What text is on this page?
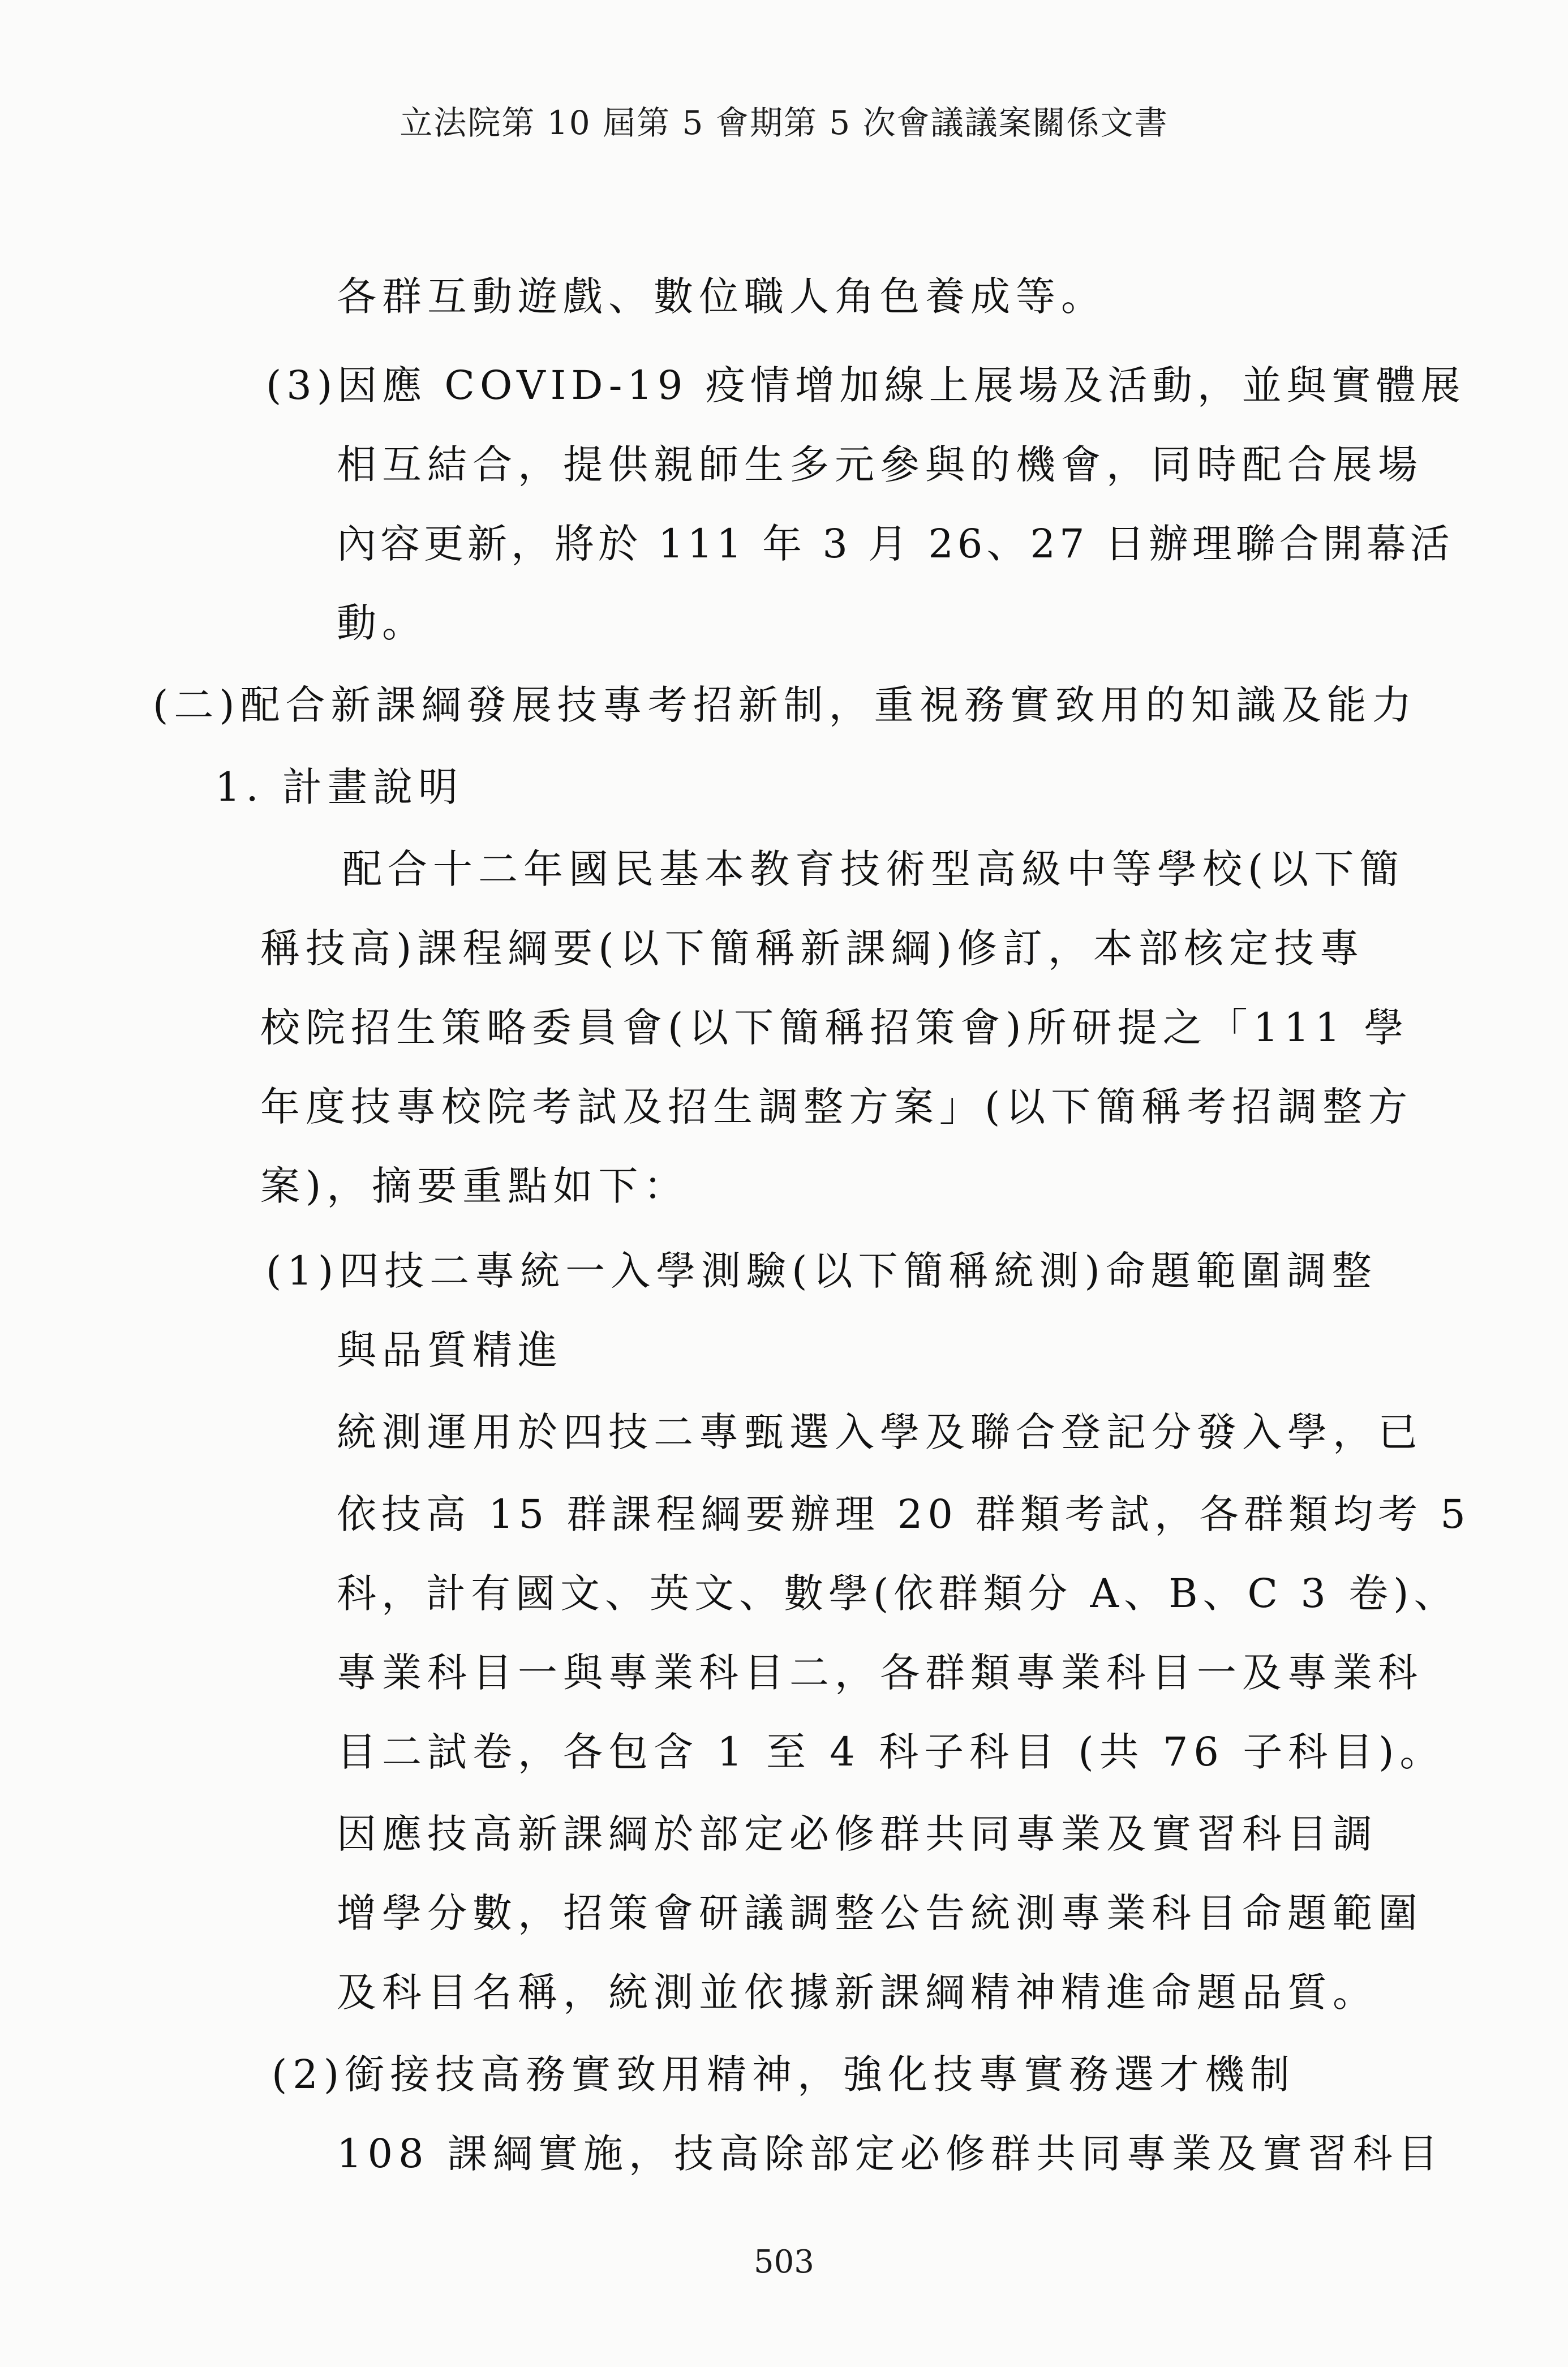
立法院第 10 屆第 5 會期第 5 次會議議案關係文書
各群互動遊戲、數位職人角色養成等。
(3)因應 COVID-19 疫情增加線上展場及活動，並與實體展
相互結合，提供親師生多元參與的機會，同時配合展場
內容更新，將於 111 年 3 月 26、27 日辦理聯合開幕活
動。
(二)配合新課綱發展技專考招新制，重視務實致用的知識及能力
1. 計畫說明
配合十二年國民基本教育技術型高級中等學校(以下簡
稱技高)課程綱要(以下簡稱新課綱)修訂，本部核定技專
校院招生策略委員會(以下簡稱招策會)所研提之「111 學
年度技專校院考試及招生調整方案」(以下簡稱考招調整方
案)，摘要重點如下：
(1)四技二專統一入學測驗(以下簡稱統測)命題範圍調整
與品質精進
統測運用於四技二專甄選入學及聯合登記分發入學，已
依技高 15 群課程綱要辦理 20 群類考試，各群類均考 5
科，計有國文、英文、數學(依群類分 A、B、C 3 卷)、
專業科目一與專業科目二，各群類專業科目一及專業科
目二試卷，各包含 1 至 4 科子科目 (共 76 子科目)。
因應技高新課綱於部定必修群共同專業及實習科目調
增學分數，招策會研議調整公告統測專業科目命題範圍
及科目名稱，統測並依據新課綱精神精進命題品質。
(2)銜接技高務實致用精神，強化技專實務選才機制
108 課綱實施，技高除部定必修群共同專業及實習科目
503
